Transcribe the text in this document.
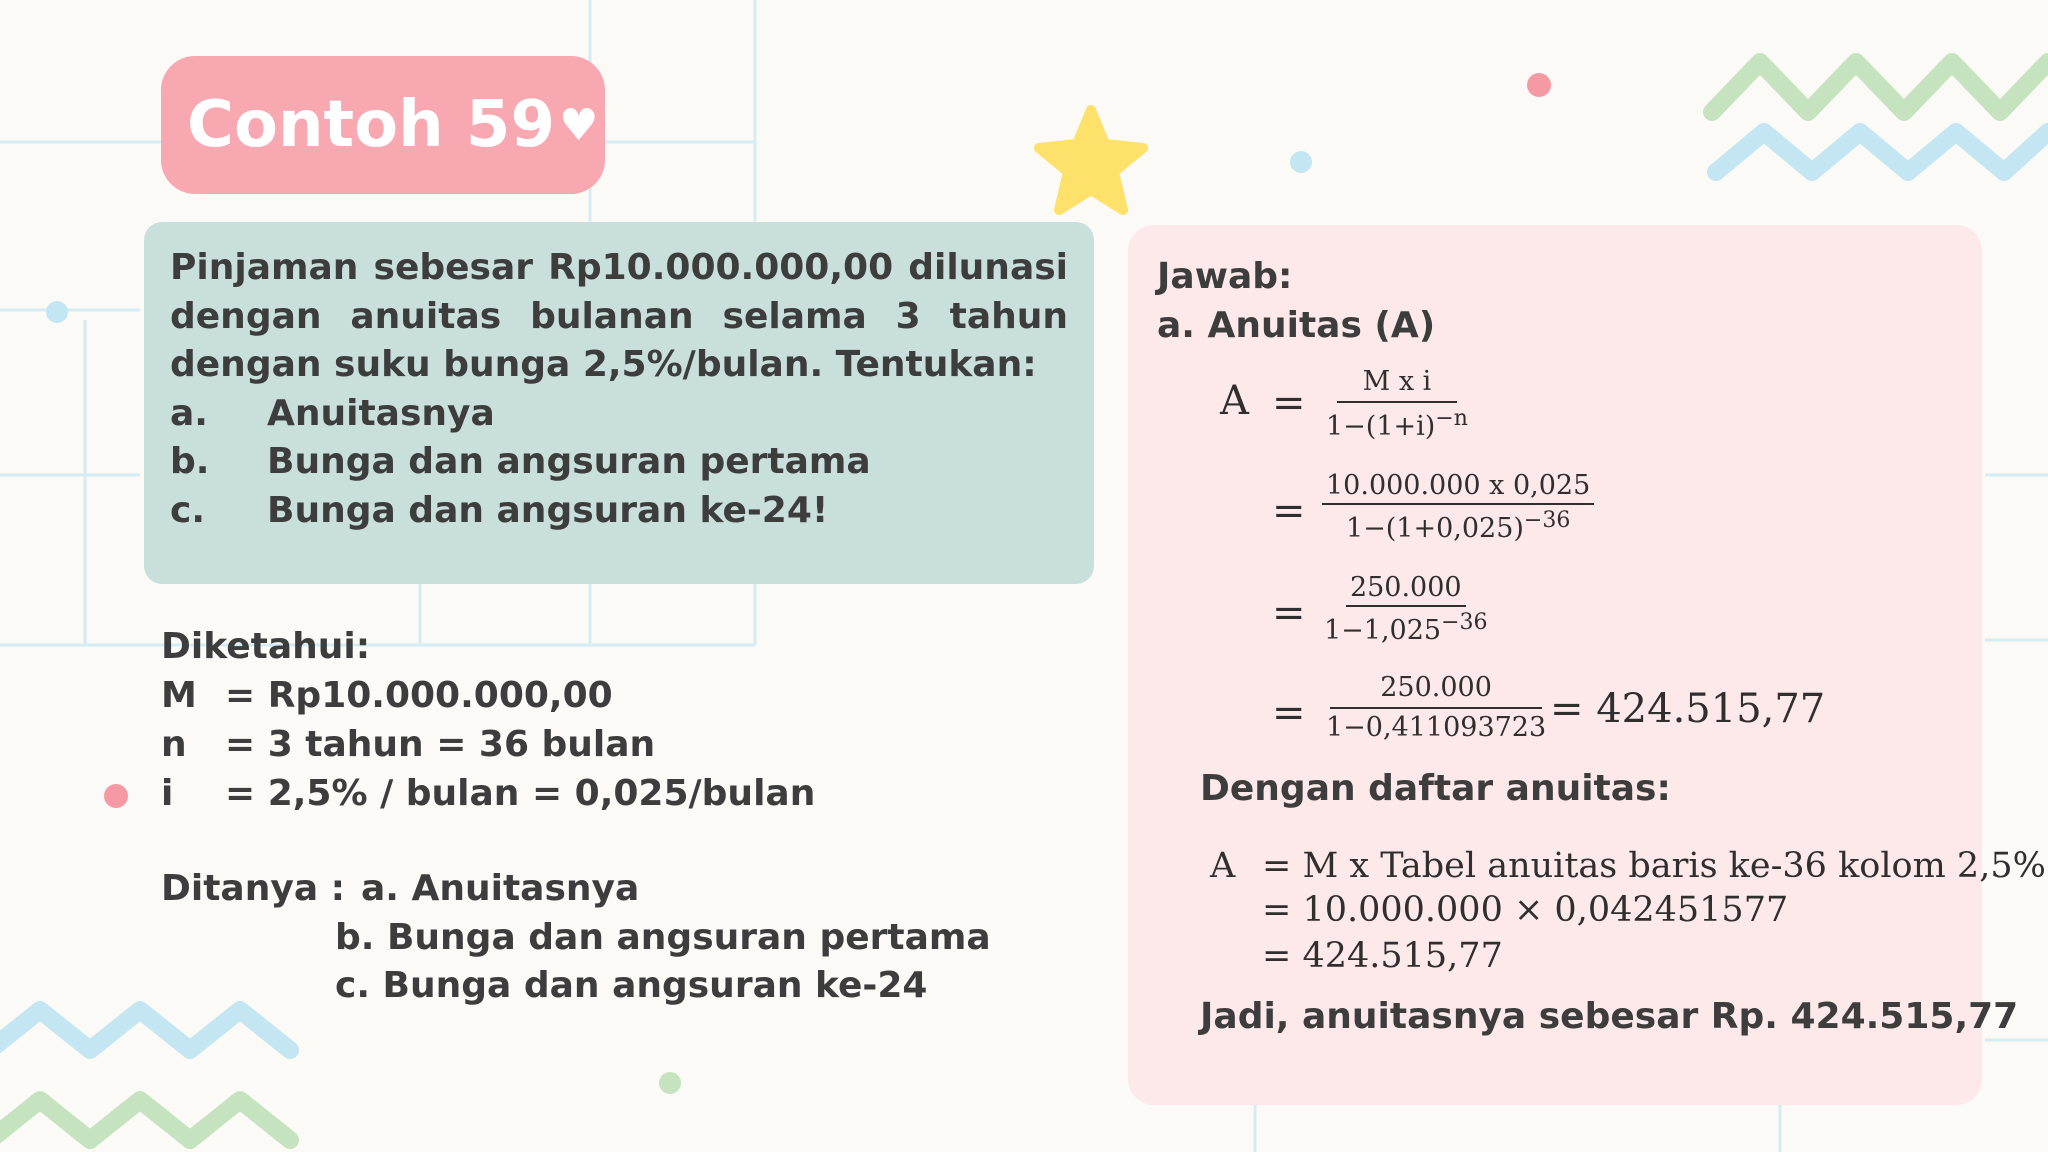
Contoh 59 ♥
Pinjaman sebesar Rp10.000.000,00 dilunasi dengan anuitas bulanan selama 3 tahun dengan suku bunga 2,5%/bulan. Tentukan:
a.	Anuitasnya
b.	Bunga dan angsuran pertama
c.	Bunga dan angsuran ke-24!
Diketahui:
M = Rp10.000.000,00
n	= 3 tahun = 36 bulan
i	= 2,5% / bulan = 0,025/bulan
Ditanya : a. Anuitasnya
b. Bunga dan angsuran pertama
c. Bunga dan angsuran ke-24
Jawab:
a. Anuitas (A)
$A = \frac{\text{M x i}}{1-(1+i)^{-n}}$
= $\frac{10.000.000 x 0,025}{1-(1+0,025)^{-36}}$
= $\frac{250.000}{1-1,025^{-36}}$
= $\frac{250.000}{1-0,411093723} = 424.515,77$
Dengan daftar anuitas:
A = M x Tabel anuitas baris ke-36 kolom 2,5%
= 10.000.000 × 0,042451577
= 424.515,77
Jadi, anuitasnya sebesar Rp. 424.515,77
